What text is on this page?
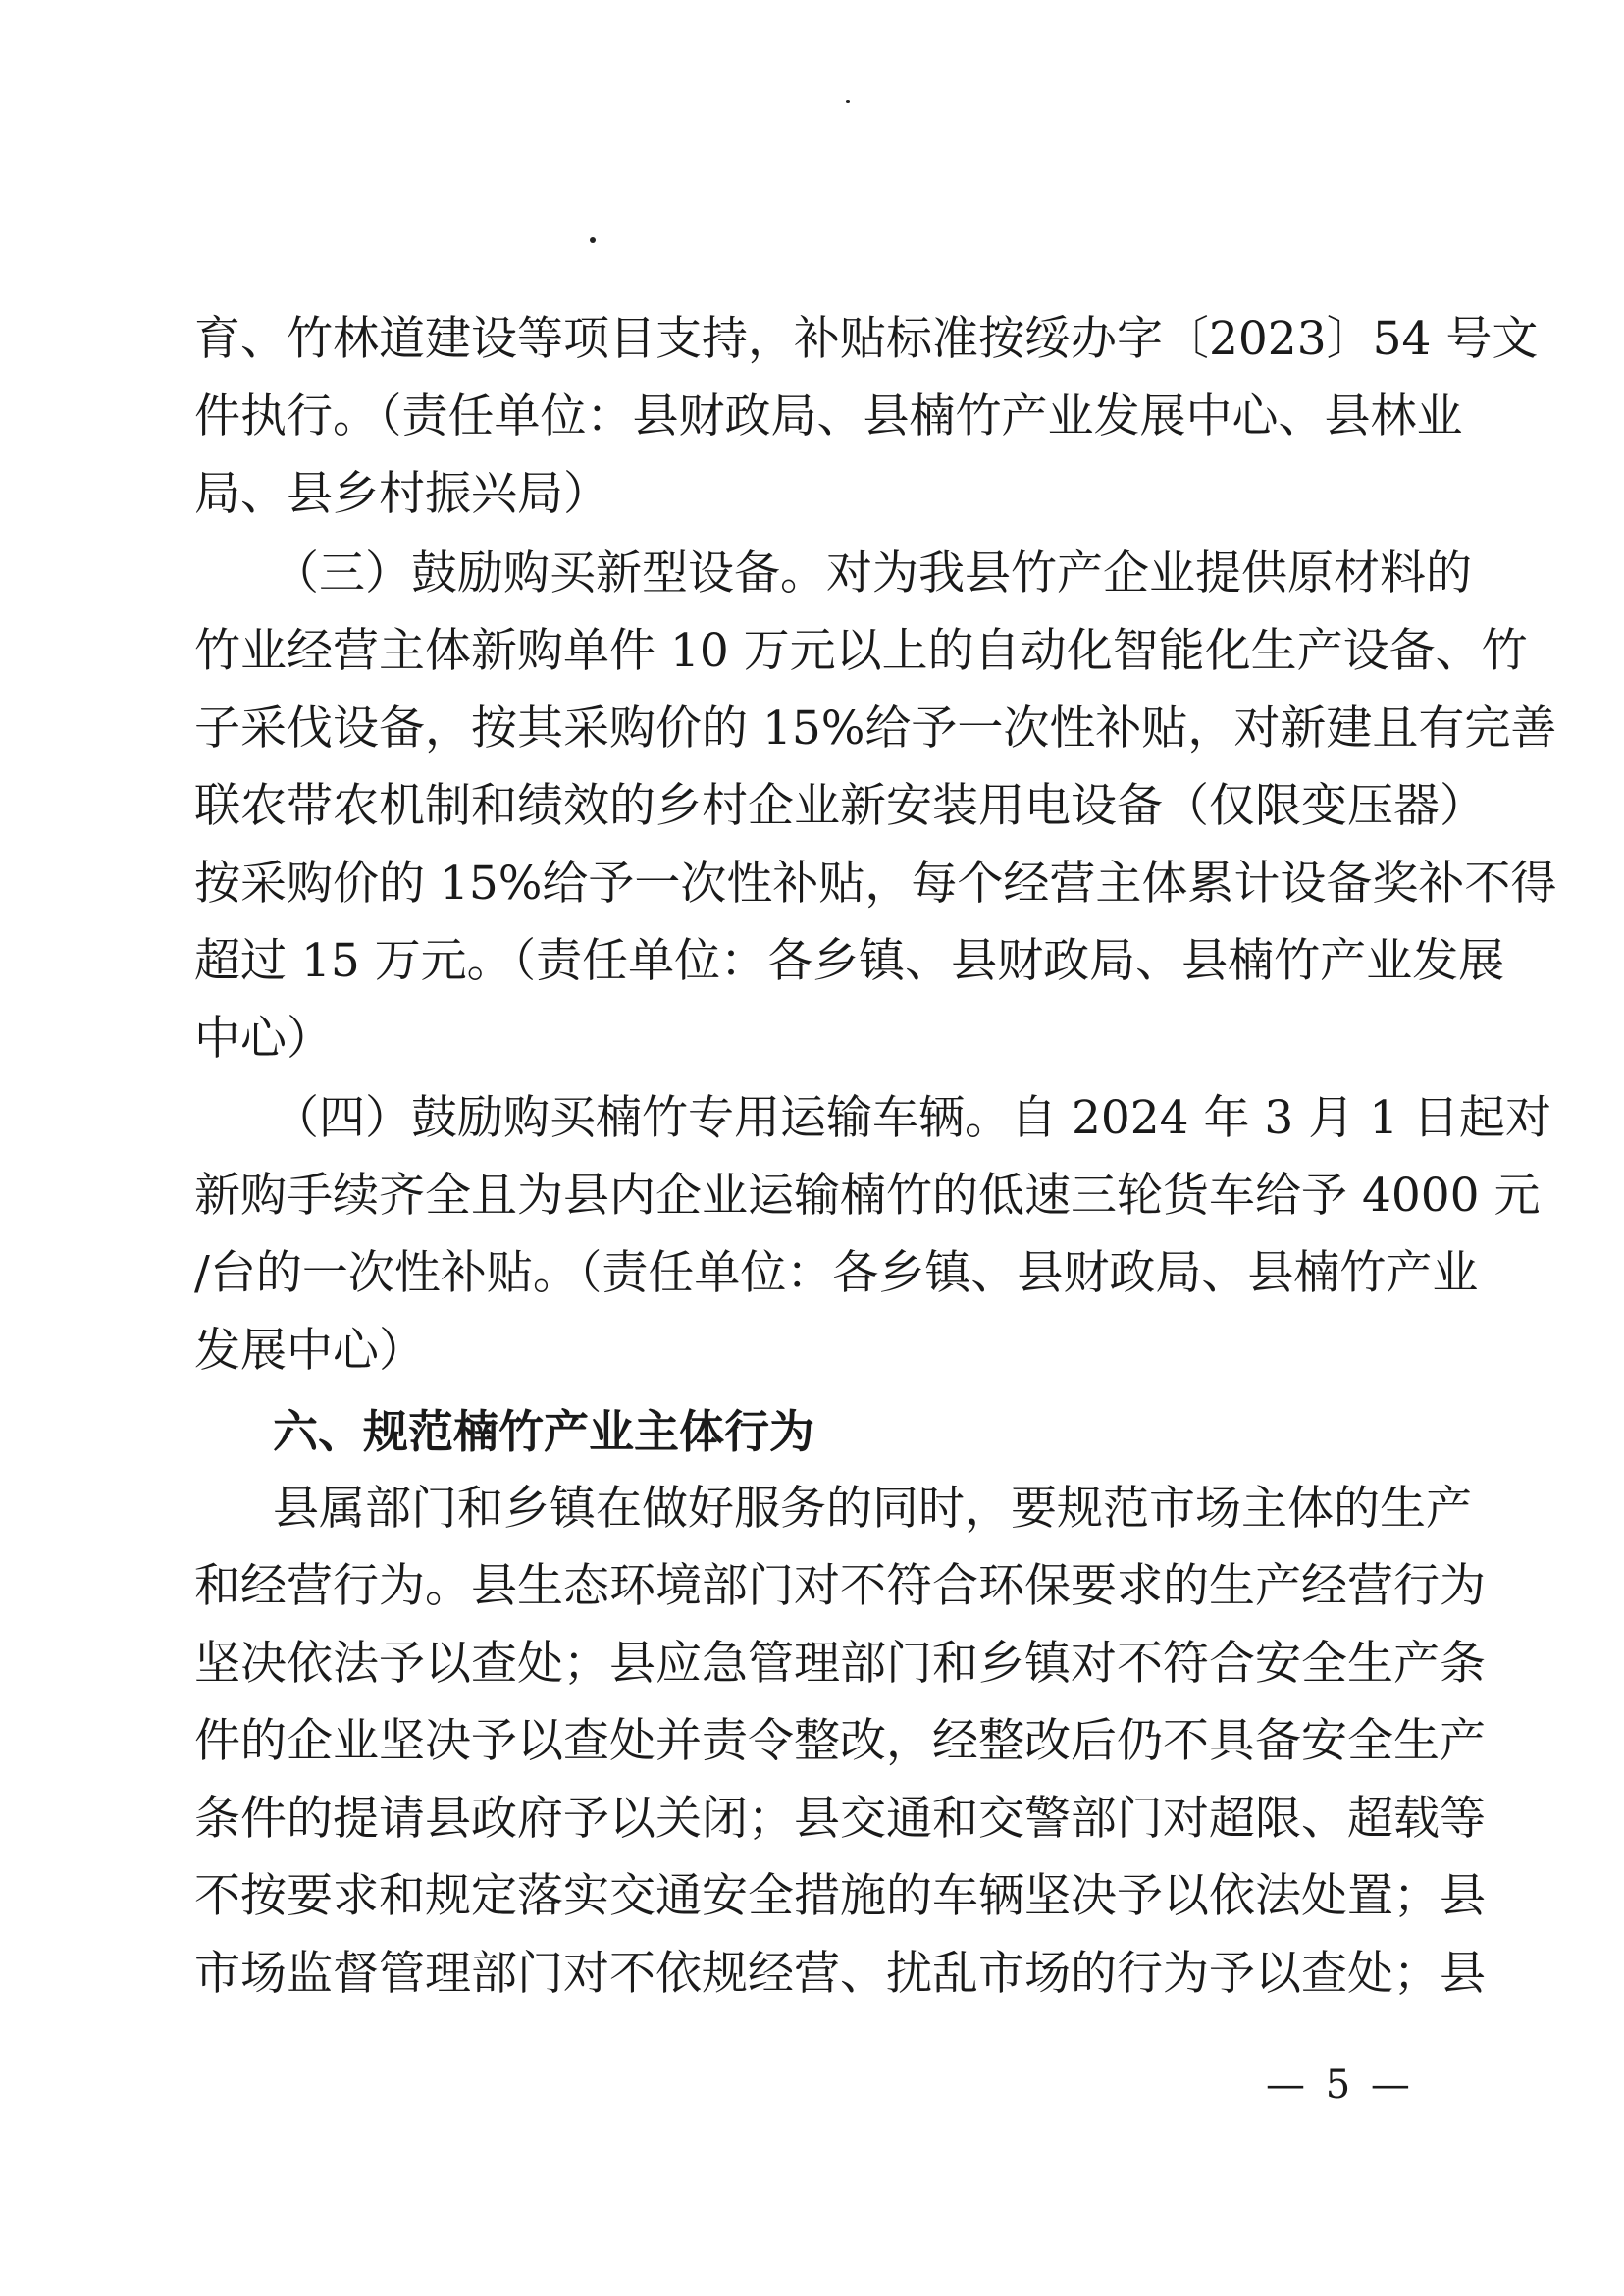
育、竹林道建设等项目支持，补贴标准按绥办字〔2023〕54 号文
件执行。（责任单位：县财政局、县楠竹产业发展中心、县林业
局、县乡村振兴局）
（三）鼓励购买新型设备。对为我县竹产企业提供原材料的
竹业经营主体新购单件 10 万元以上的自动化智能化生产设备、竹
子采伐设备，按其采购价的 15%给予一次性补贴，对新建且有完善
联农带农机制和绩效的乡村企业新安装用电设备（仅限变压器）
按采购价的 15%给予一次性补贴，每个经营主体累计设备奖补不得
超过 15 万元。（责任单位：各乡镇、县财政局、县楠竹产业发展
中心）
（四）鼓励购买楠竹专用运输车辆。自 2024 年 3 月 1 日起对
新购手续齐全且为县内企业运输楠竹的低速三轮货车给予 4000 元
/台的一次性补贴。（责任单位：各乡镇、县财政局、县楠竹产业
发展中心）
六、规范楠竹产业主体行为
县属部门和乡镇在做好服务的同时，要规范市场主体的生产
和经营行为。县生态环境部门对不符合环保要求的生产经营行为
坚决依法予以查处；县应急管理部门和乡镇对不符合安全生产条
件的企业坚决予以查处并责令整改，经整改后仍不具备安全生产
条件的提请县政府予以关闭；县交通和交警部门对超限、超载等
不按要求和规定落实交通安全措施的车辆坚决予以依法处置；县
市场监督管理部门对不依规经营、扰乱市场的行为予以查处；县
— 5 —
